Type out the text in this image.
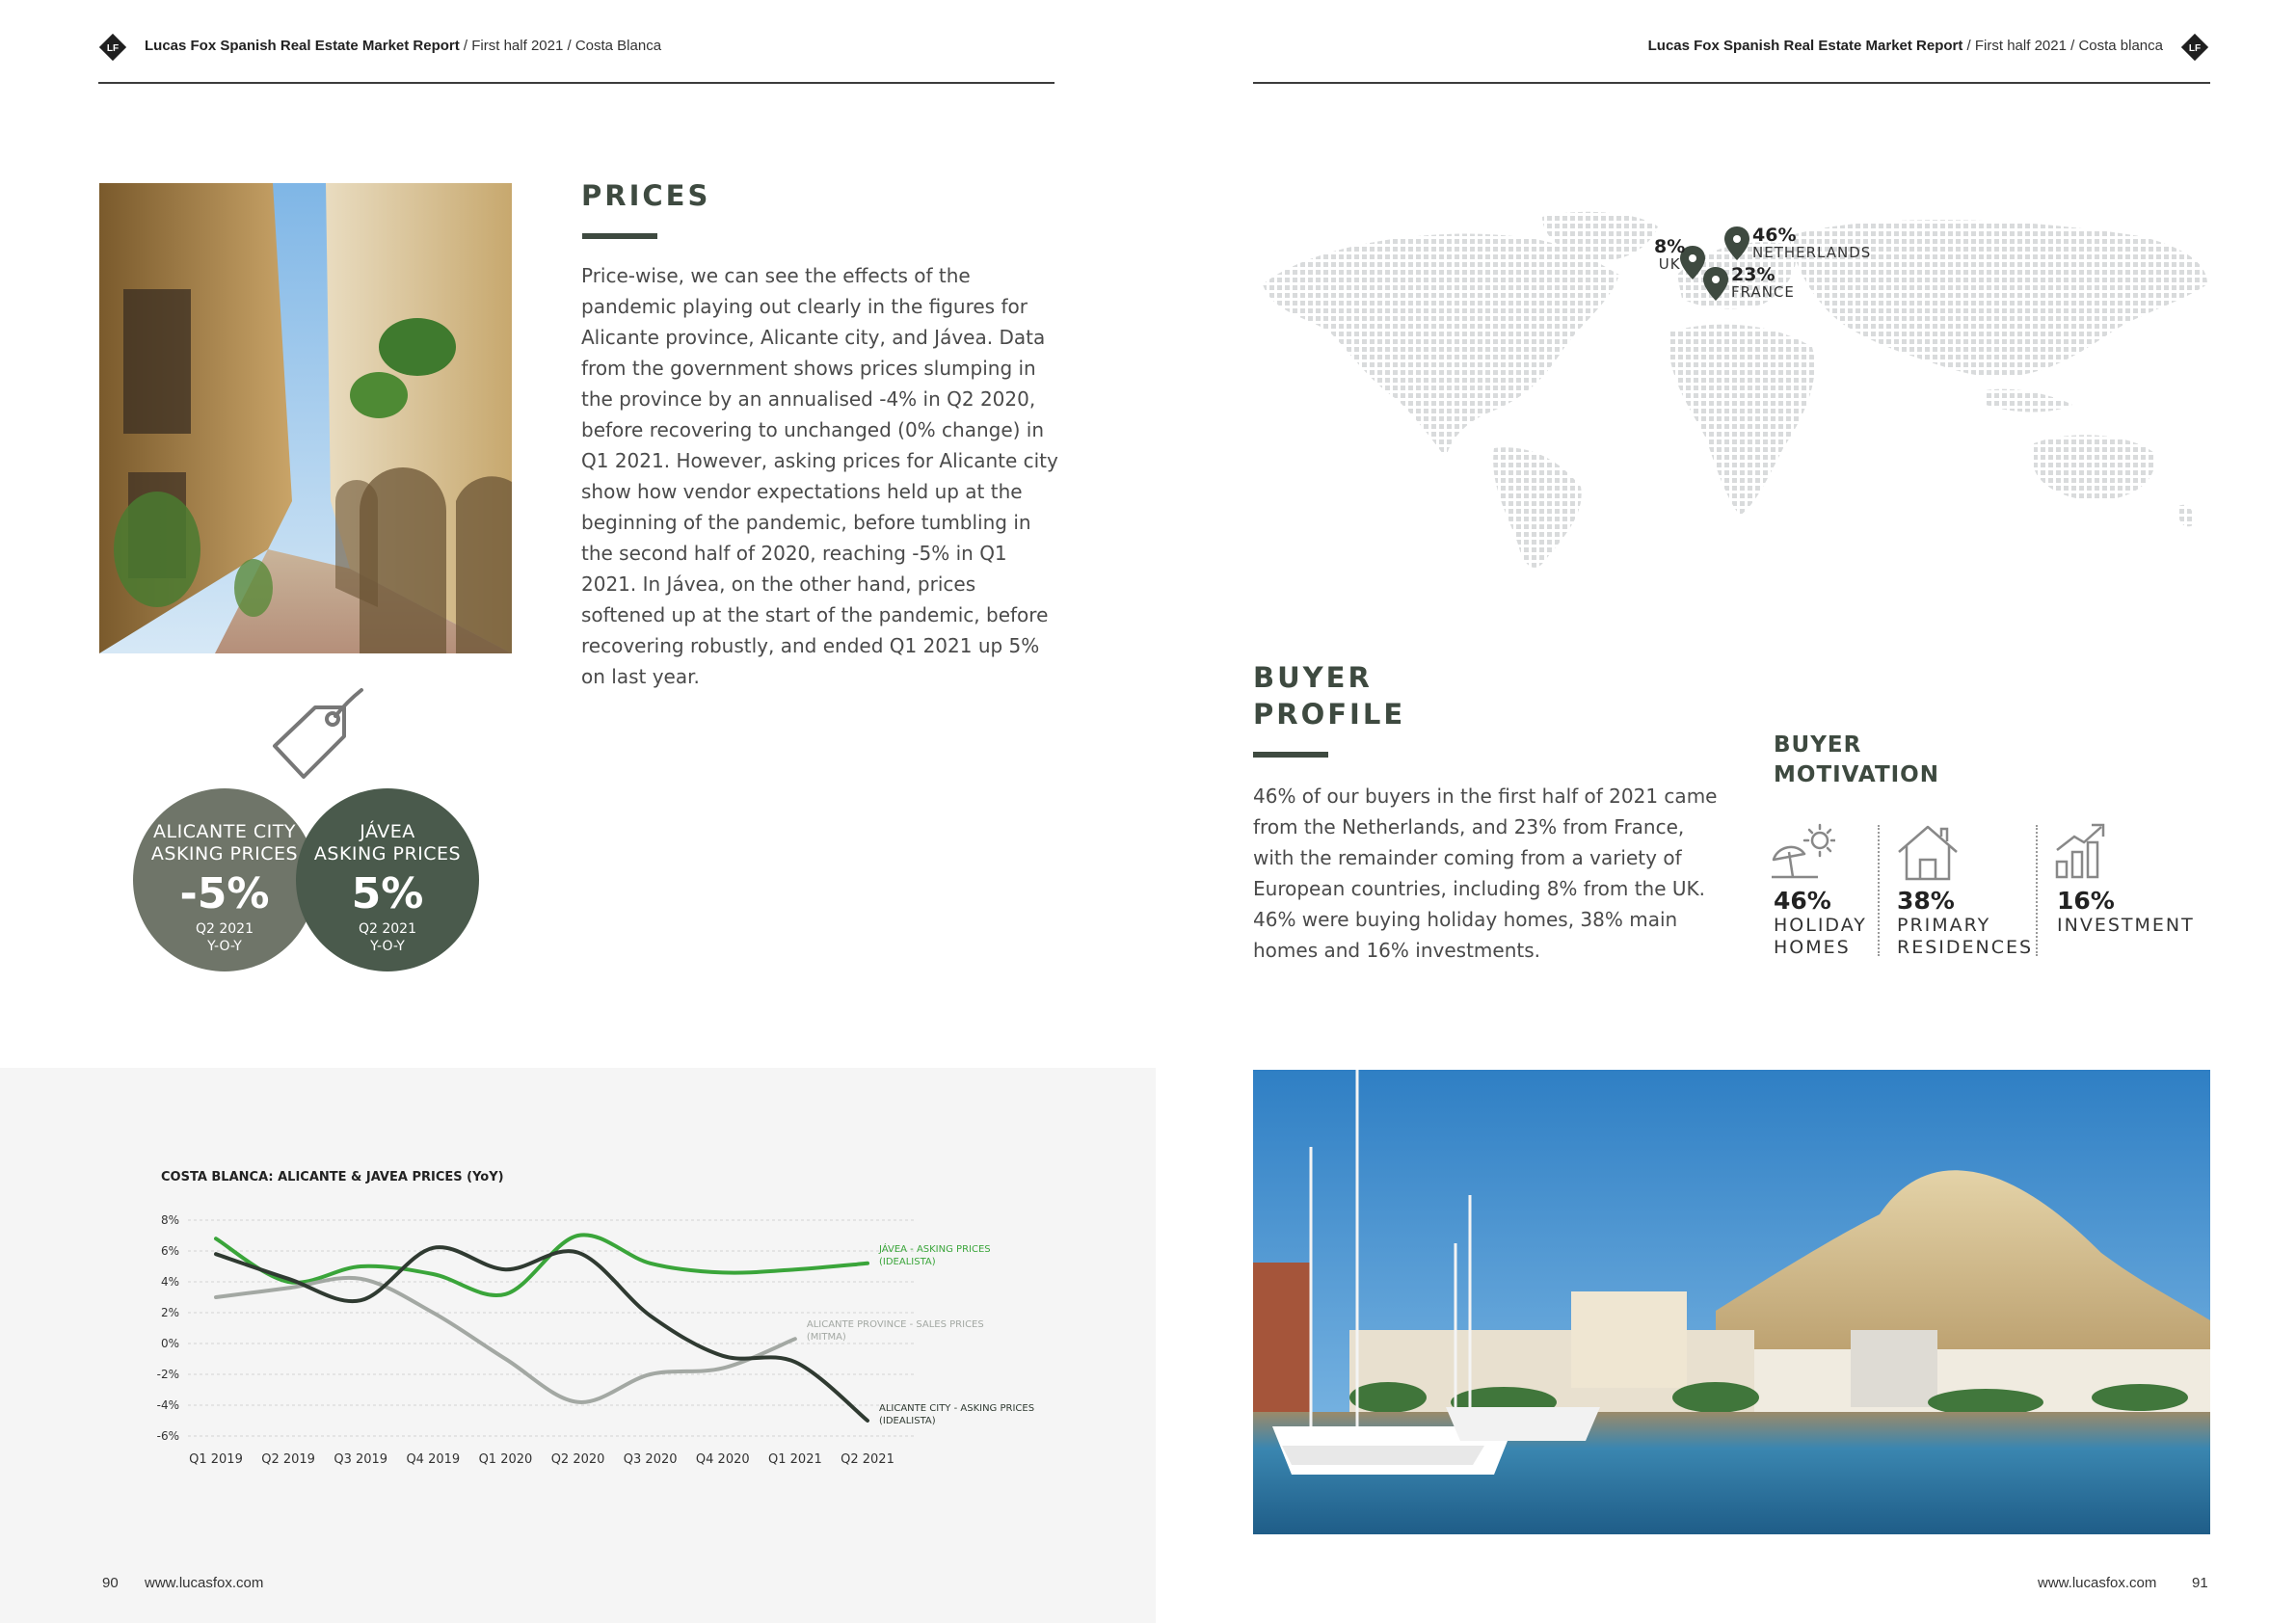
LF Lucas Fox Spanish Real Estate Market Report / First half 2021 / Costa Blanca
ALICANTE CITY
ASKING PRICES
-5%
Q2 2021
Y-O-Y
JÁVEA
ASKING PRICES
5%
Q2 2021
Y-O-Y
PRICES
Price-wise, we can see the effects of the pandemic playing out clearly in the figures for Alicante province, Alicante city, and Jávea. Data from the government shows prices slumping in the province by an annualised -4% in Q2 2020, before recovering to unchanged (0% change) in Q1 2021. However, asking prices for Alicante city show how vendor expectations held up at the beginning of the pandemic, before tumbling in the second half of 2020, reaching -5% in Q1 2021. In Jávea, on the other hand, prices softened up at the start of the pandemic, before recovering robustly, and ended Q1 2021 up 5% on last year.
COSTA BLANCA: ALICANTE & JAVEA PRICES (YoY)
8%
6%
4%
2%
0%
-2%
-4%
-6%
Q1 2019 Q2 2019 Q3 2019 Q4 2019 Q1 2020 Q2 2020 Q3 2020 Q4 2020 Q1 2021 Q2 2021
JÁVEA - ASKING PRICES
(IDEALISTA)
ALICANTE PROVINCE - SALES PRICES
(MITMA)
ALICANTE CITY - ASKING PRICES
(IDEALISTA)
90 www.lucasfox.com
Lucas Fox Spanish Real Estate Market Report / First half 2021 / Costa blanca	LF
8%
UK
46%
NETHERLANDS
23%
FRANCE
BUYER
PROFILE
46% of our buyers in the first half of 2021 came from the Netherlands, and 23% from France, with the remainder coming from a variety of European countries, including 8% from the UK. 46% were buying holiday homes, 38% main homes and 16% investments.
BUYER
MOTIVATION
46%
HOLIDAY
HOMES
38%
PRIMARY
RESIDENCES
16%
INVESTMENT
www.lucasfox.com 91
